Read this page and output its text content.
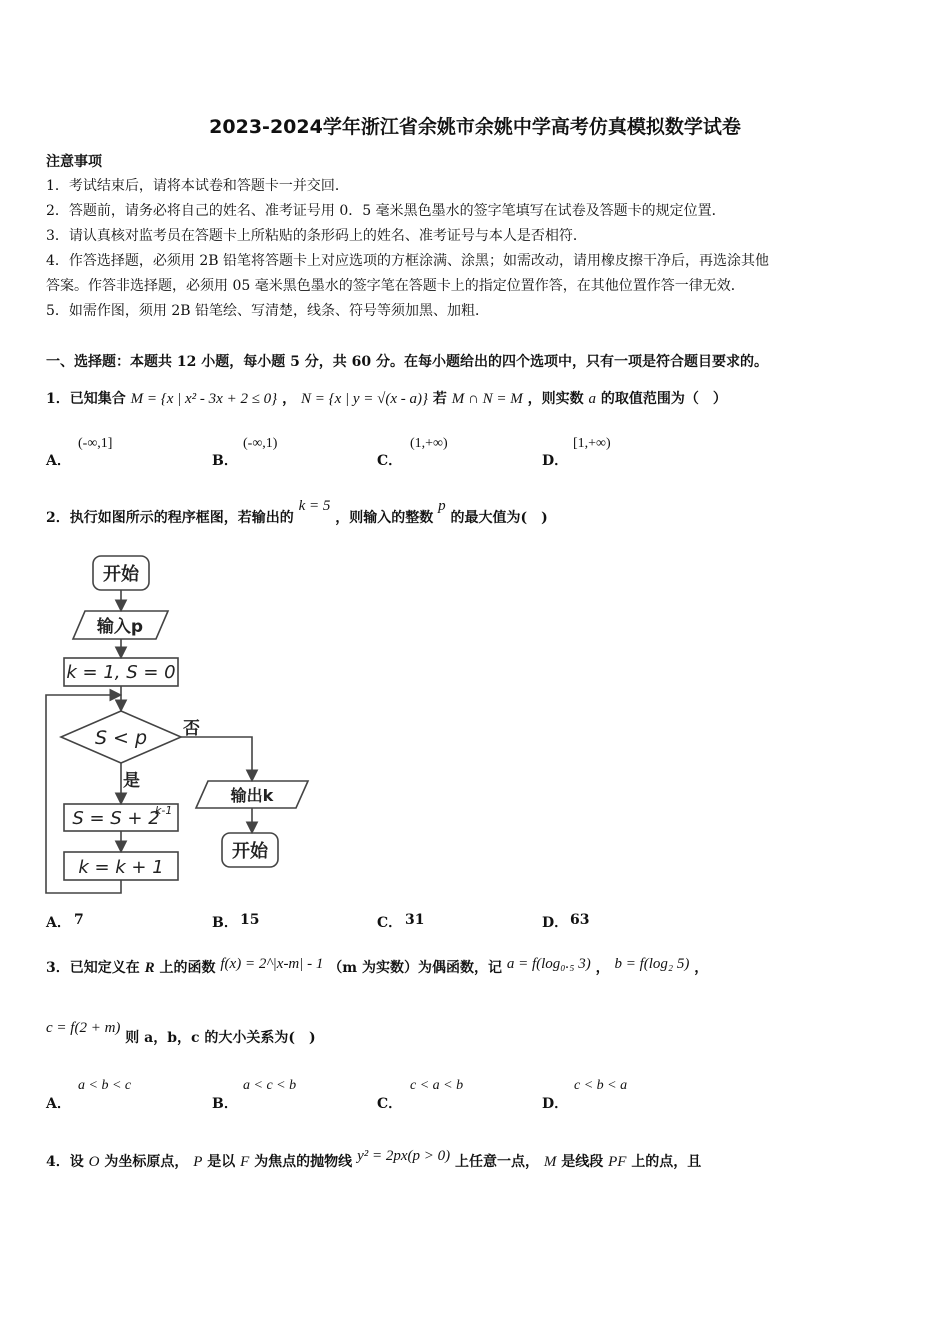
2023-2024学年浙江省余姚市余姚中学高考仿真模拟数学试卷
注意事项
1．考试结束后，请将本试卷和答题卡一并交回．
2．答题前，请务必将自己的姓名、准考证号用 0．5 毫米黑色墨水的签字笔填写在试卷及答题卡的规定位置．
3．请认真核对监考员在答题卡上所粘贴的条形码上的姓名、准考证号与本人是否相符．
4．作答选择题，必须用 2B 铅笔将答题卡上对应选项的方框涂满、涂黑；如需改动，请用橡皮擦干净后，再选涂其他
答案。作答非选择题，必须用 05 毫米黑色墨水的签字笔在答题卡上的指定位置作答，在其他位置作答一律无效．
5．如需作图，须用 2B 铅笔绘、写清楚，线条、符号等须加黑、加粗．
一、选择题：本题共 12 小题，每小题 5 分，共 60 分。在每小题给出的四个选项中，只有一项是符合题目要求的。
1．已知集合 M = {x | x² - 3x + 2 ≤ 0} ， N = {x | y = √(x - a)} 若 M ∩ N = M ，则实数 a 的取值范围为（　）
A．
(-∞,1]
B．
(-∞,1)
C．
(1,+∞)
D．
[1,+∞)
2．执行如图所示的程序框图，若输出的 k = 5 ，则输入的整数 p 的最大值为(　)
开始
输入p
k = 1, S = 0
S < p 否
是
S = S + 2
k-1
k = k + 1
输出k
开始
A． 7	B． 15	C． 31	D． 63
3．已知定义在 R 上的函数 f(x) = 2^|x-m| - 1 （m 为实数）为偶函数，记 a = f(log₀.₅ 3) ， b = f(log₂ 5) ，
c = f(2 + m) 则 a，b，c 的大小关系为(　)
A．
a < b < c
B．
a < c < b
C．
c < a < b
D．
c < b < a
4．设 O 为坐标原点， P 是以 F 为焦点的抛物线 y² = 2px(p > 0) 上任意一点， M 是线段 PF 上的点，且
